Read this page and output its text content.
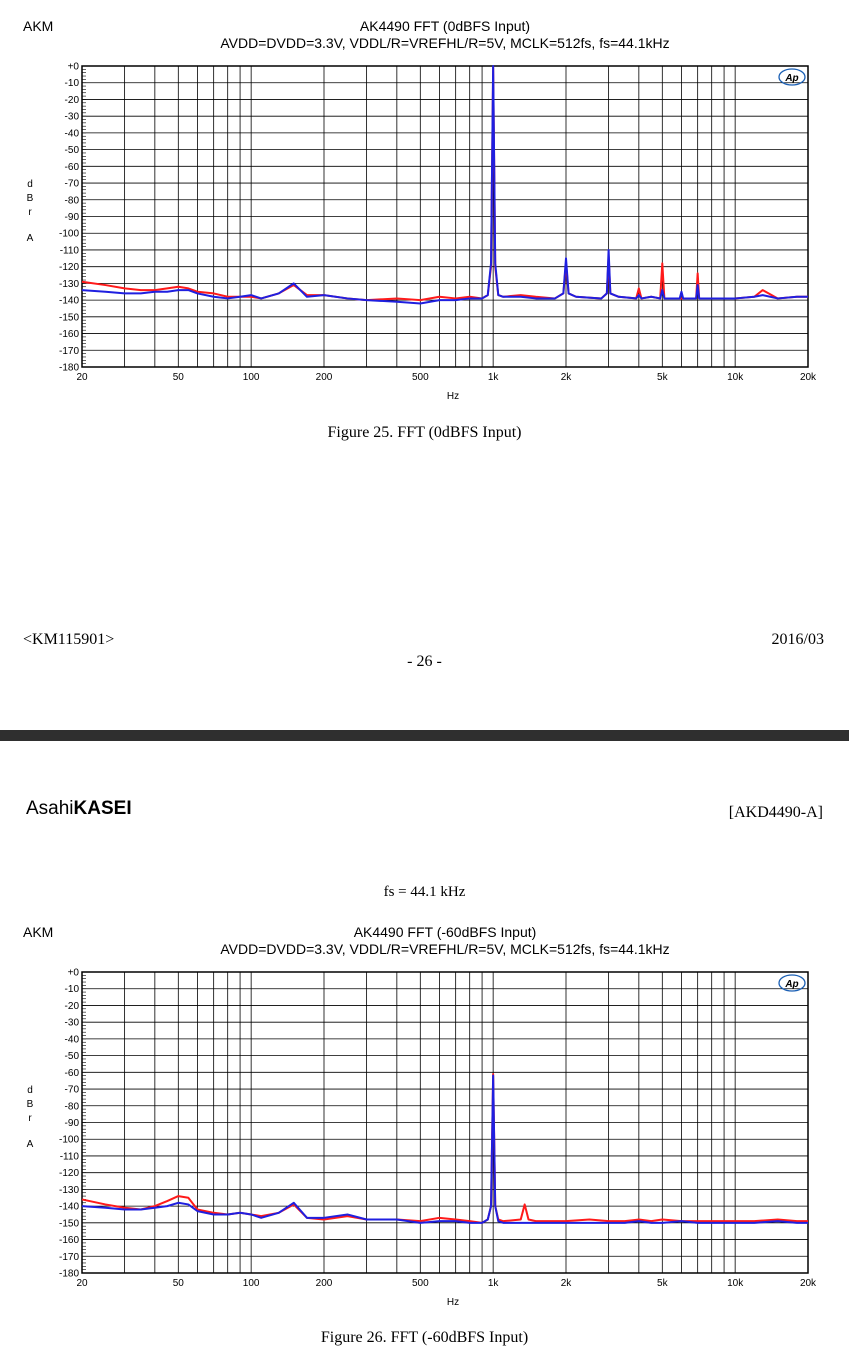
AKM	AK4490 FFT (0dBFS Input)
AVDD=DVDD=3.3V, VDDL/R=VREFHL/R=5V, MCLK=512fs, fs=44.1kHz
+0
-10
-20
-30
-40
-50
-60
-70
-80
-90
-100
-110
-120
-130
-140
-150
-160
-170
-180
20	50	100	200	500	1k	2k	5k	10k	20k
Hz
d
B
r
A
Ap
Figure 25. FFT (0dBFS Input)
<KM115901>	2016/03
- 26 -
AsahiKASEI	[AKD4490-A]
fs = 44.1 kHz
AKM	AK4490 FFT (-60dBFS Input)
AVDD=DVDD=3.3V, VDDL/R=VREFHL/R=5V, MCLK=512fs, fs=44.1kHz
+0
-10
-20
-30
-40
-50
-60
-70
-80
-90
-100
-110
-120
-130
-140
-150
-160
-170
-180
20	50	100	200	500	1k	2k	5k	10k	20k
Hz
d
B
r
A
Ap
Figure 26. FFT (-60dBFS Input)
